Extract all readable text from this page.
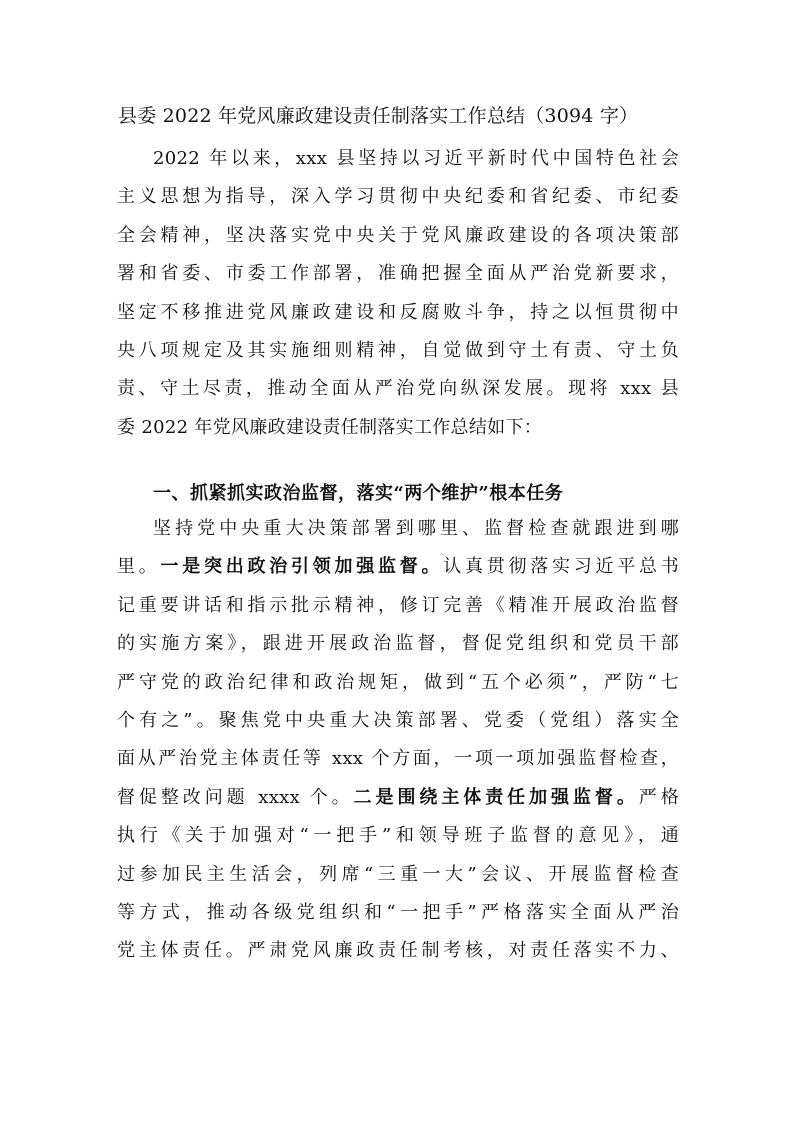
县委 2022 年党风廉政建设责任制落实工作总结（3094 字）
2022 年以来，xxx 县坚持以习近平新时代中国特色社会
主义思想为指导，深入学习贯彻中央纪委和省纪委、市纪委
全会精神，坚决落实党中央关于党风廉政建设的各项决策部
署和省委、市委工作部署，准确把握全面从严治党新要求，
坚定不移推进党风廉政建设和反腐败斗争，持之以恒贯彻中
央八项规定及其实施细则精神，自觉做到守土有责、守土负
责、守土尽责，推动全面从严治党向纵深发展。现将 xxx 县
委 2022 年党风廉政建设责任制落实工作总结如下：
一、抓紧抓实政治监督，落实“两个维护”根本任务
坚持党中央重大决策部署到哪里、监督检查就跟进到哪
里。一是突出政治引领加强监督。认真贯彻落实习近平总书
记重要讲话和指示批示精神，修订完善《精准开展政治监督
的实施方案》，跟进开展政治监督，督促党组织和党员干部
严守党的政治纪律和政治规矩，做到“五个必须”，严防“七
个有之”。聚焦党中央重大决策部署、党委（党组）落实全
面从严治党主体责任等 xxx 个方面，一项一项加强监督检查，
督促整改问题 xxxx 个。二是围绕主体责任加强监督。严格
执行《关于加强对“一把手”和领导班子监督的意见》，通
过参加民主生活会，列席“三重一大”会议、开展监督检查
等方式，推动各级党组织和“一把手”严格落实全面从严治
党主体责任。严肃党风廉政责任制考核，对责任落实不力、
